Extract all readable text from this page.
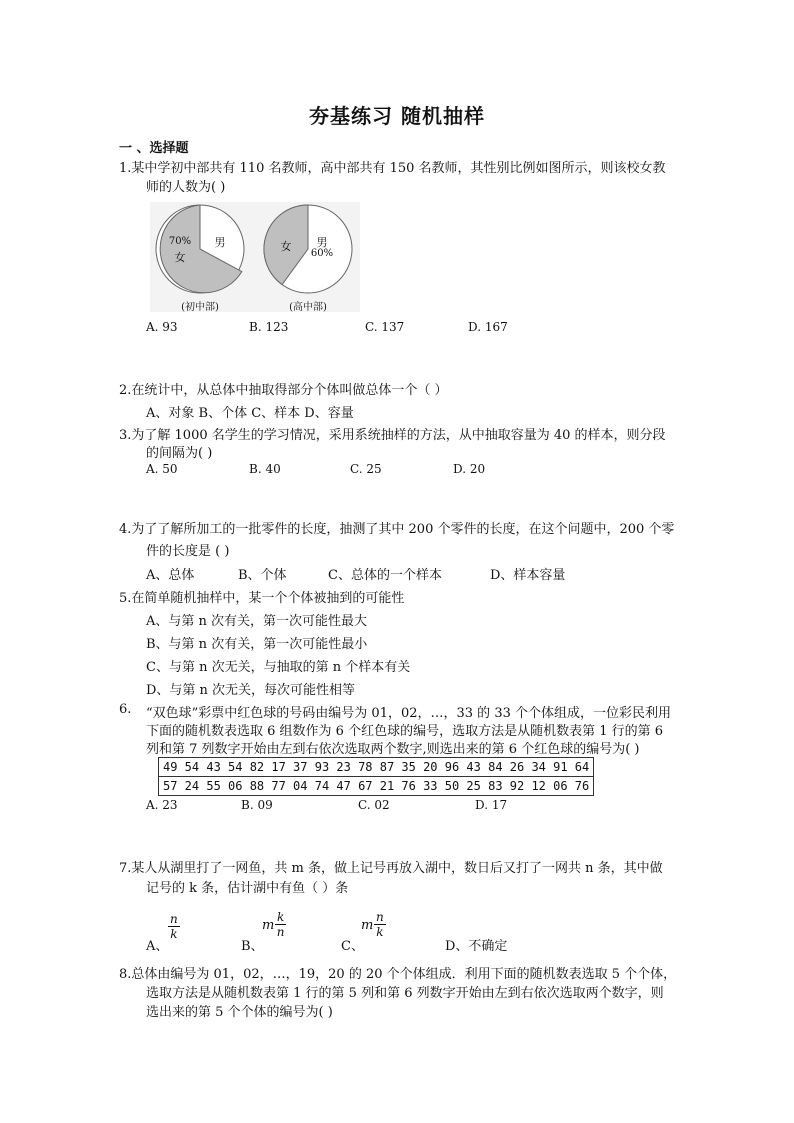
夯基练习 随机抽样
一 、选择题
1.某中学初中部共有 110 名教师，高中部共有 150 名教师，其性别比例如图所示，则该校女教
师的人数为( )
70%
女
男
(初中部)
男
60%
女
(高中部)
A. 93	B. 123	C. 137	D. 167
2.在统计中，从总体中抽取得部分个体叫做总体一个（ ）
A、对象 B、个体 C、样本 D、容量
3.为了解 1000 名学生的学习情况，采用系统抽样的方法，从中抽取容量为 40 的样本，则分段
的间隔为( )
A. 50	B. 40	C. 25	D. 20
4.为了了解所加工的一批零件的长度，抽测了其中 200 个零件的长度，在这个问题中，200 个零
件的长度是 ( )
A、总体	B、个体	C、总体的一个样本	D、样本容量
5.在简单随机抽样中，某一个个体被抽到的可能性
A、与第 n 次有关，第一次可能性最大
B、与第 n 次有关，第一次可能性最小
C、与第 n 次无关，与抽取的第 n 个样本有关
D、与第 n 次无关，每次可能性相等
6. “双色球”彩票中红色球的号码由编号为 01，02，…，33 的 33 个个体组成，一位彩民利用
下面的随机数表选取 6 组数作为 6 个红色球的编号，选取方法是从随机数表第 1 行的第 6
列和第 7 列数字开始由左到右依次选取两个数字,则选出来的第 6 个红色球的编号为( )
49 54 43 54 82 17 37 93 23 78 87 35 20 96 43 84 26 34 91 64
57 24 55 06 88 77 04 74 47 67 21 76 33 50 25 83 92 12 06 76
A. 23	B. 09	C. 02	D. 17
7.某人从湖里打了一网鱼，共 m 条，做上记号再放入湖中，数日后又打了一网共 n 条，其中做
记号的 k 条，估计湖中有鱼（ ）条
A、
$\frac{n}{k}$
B、
m $\frac{k}{n}$
C、
m $\frac{n}{k}$
D、不确定
8.总体由编号为 01，02，…，19，20 的 20 个个体组成．利用下面的随机数表选取 5 个个体，
选取方法是从随机数表第 1 行的第 5 列和第 6 列数字开始由左到右依次选取两个数字，则
选出来的第 5 个个体的编号为( )
